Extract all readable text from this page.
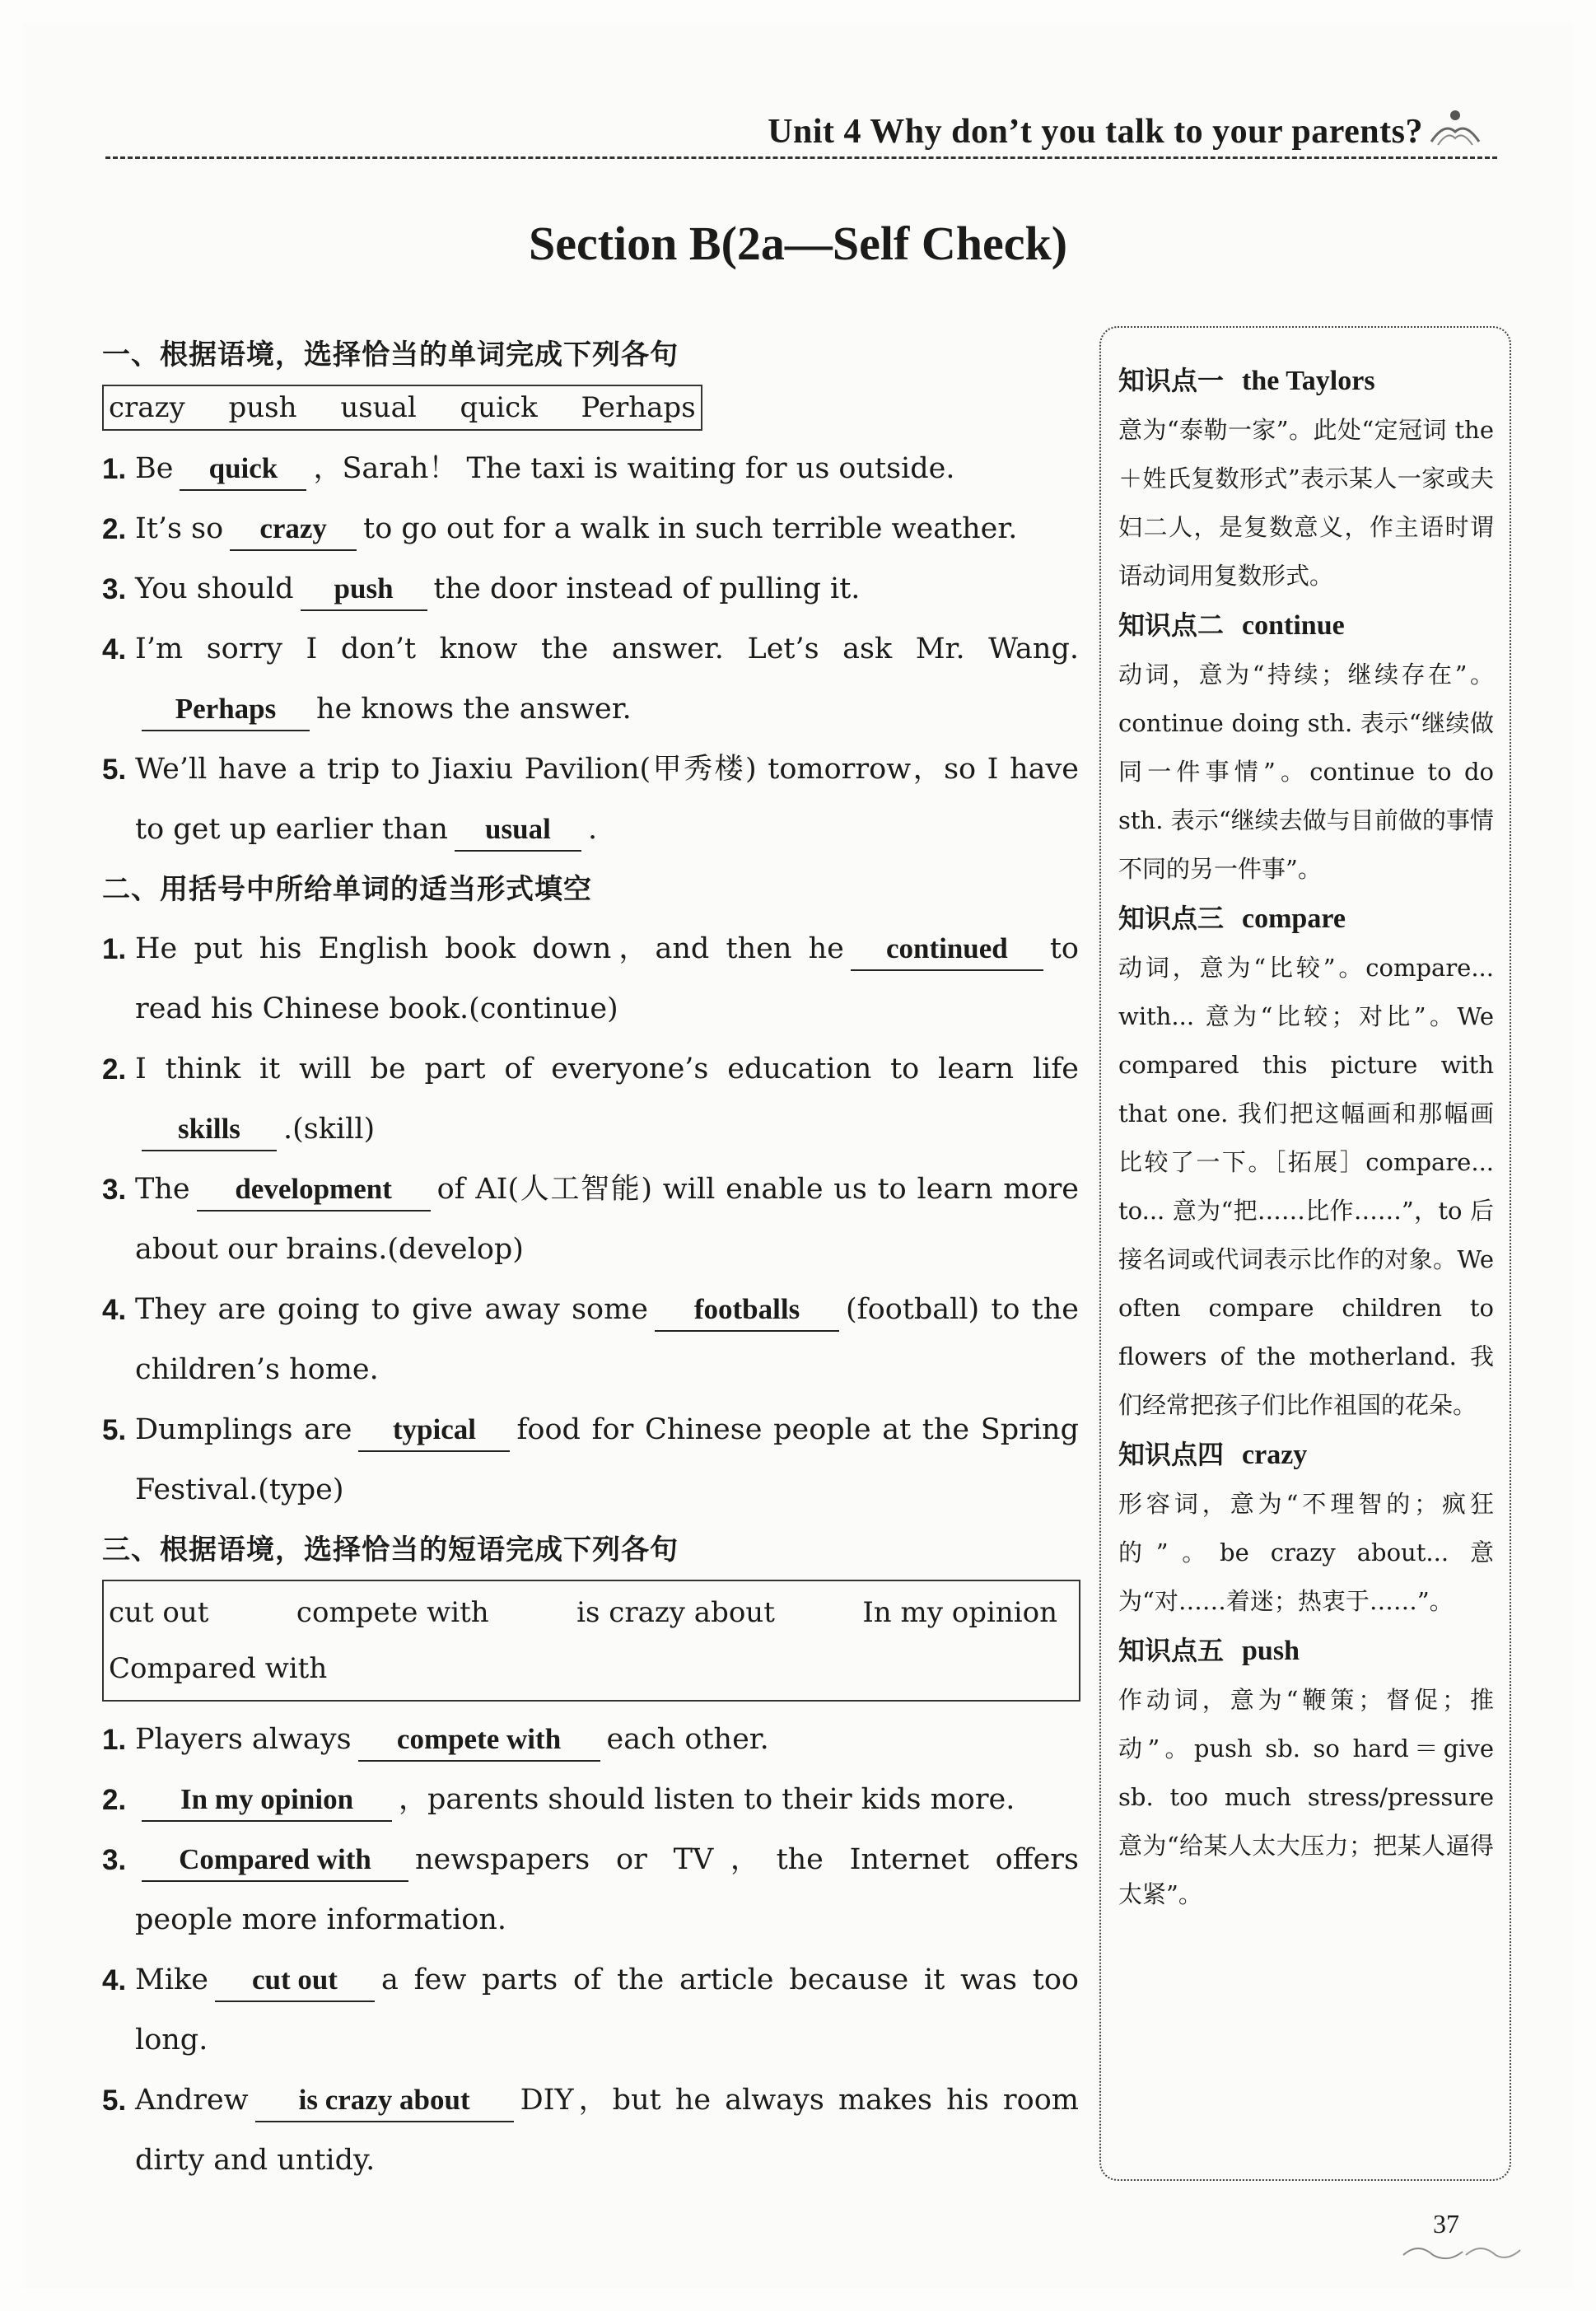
Unit 4 Why don’t you talk to your parents?
Section B(2a—Self Check)
一、根据语境，选择恰当的单词完成下列各句
crazy push usual quick Perhaps
1. Be quick ，Sarah！ The taxi is waiting for us outside.
2. It’s so crazy to go out for a walk in such terrible weather.
3. You should push the door instead of pulling it.
4. I’m sorry I don’t know the answer. Let’s ask Mr. Wang.Perhaps he knows the answer.
5. We’ll have a trip to Jiaxiu Pavilion(甲秀楼) tomorrow，so I have to get up earlier than usual .
二、用括号中所给单词的适当形式填空
1. He put his English book down，and then he continued to read his Chinese book.(continue)
2. I think it will be part of everyone’s education to learn lifeskills .(skill)
3. The development of AI(人工智能) will enable us to learn more about our brains.(develop)
4. They are going to give away some footballs (football) to the children’s home.
5. Dumplings are typical food for Chinese people at the Spring Festival.(type)
三、根据语境，选择恰当的短语完成下列各句
cut out	compete with	is crazy about	In my opinion
Compared with
1. Players always compete with each other.
2. In my opinion ，parents should listen to their kids more.
3. Compared with newspapers or TV，the Internet offers people more information.
4. Mike cut out a few parts of the article because it was too long.
5. Andrew is crazy about DIY，but he always makes his room dirty and untidy.
知识点一 the Taylors
意为“泰勒一家”。此处“定冠词 the ＋姓氏复数形式”表示某人一家或夫妇二人，是复数意义，作主语时谓语动词用复数形式。
知识点二 continue
动词，意为“持续；继续存在”。continue doing sth. 表示“继续做同一件事情”。continue to do sth. 表示“继续去做与目前做的事情不同的另一件事”。
知识点三 compare
动词，意为“比较”。compare... with... 意为“比较；对比”。We compared this picture with that one. 我们把这幅画和那幅画比较了一下。［拓展］compare... to... 意为“把……比作……”，to 后接名词或代词表示比作的对象。We often compare children to flowers of the motherland. 我们经常把孩子们比作祖国的花朵。
知识点四 crazy
形容词，意为“不理智的；疯狂的”。be crazy about... 意为“对……着迷；热衷于……”。
知识点五 push
作动词，意为“鞭策；督促；推动”。push sb. so hard＝give sb. too much stress/pressure 意为“给某人太大压力；把某人逼得太紧”。
37
